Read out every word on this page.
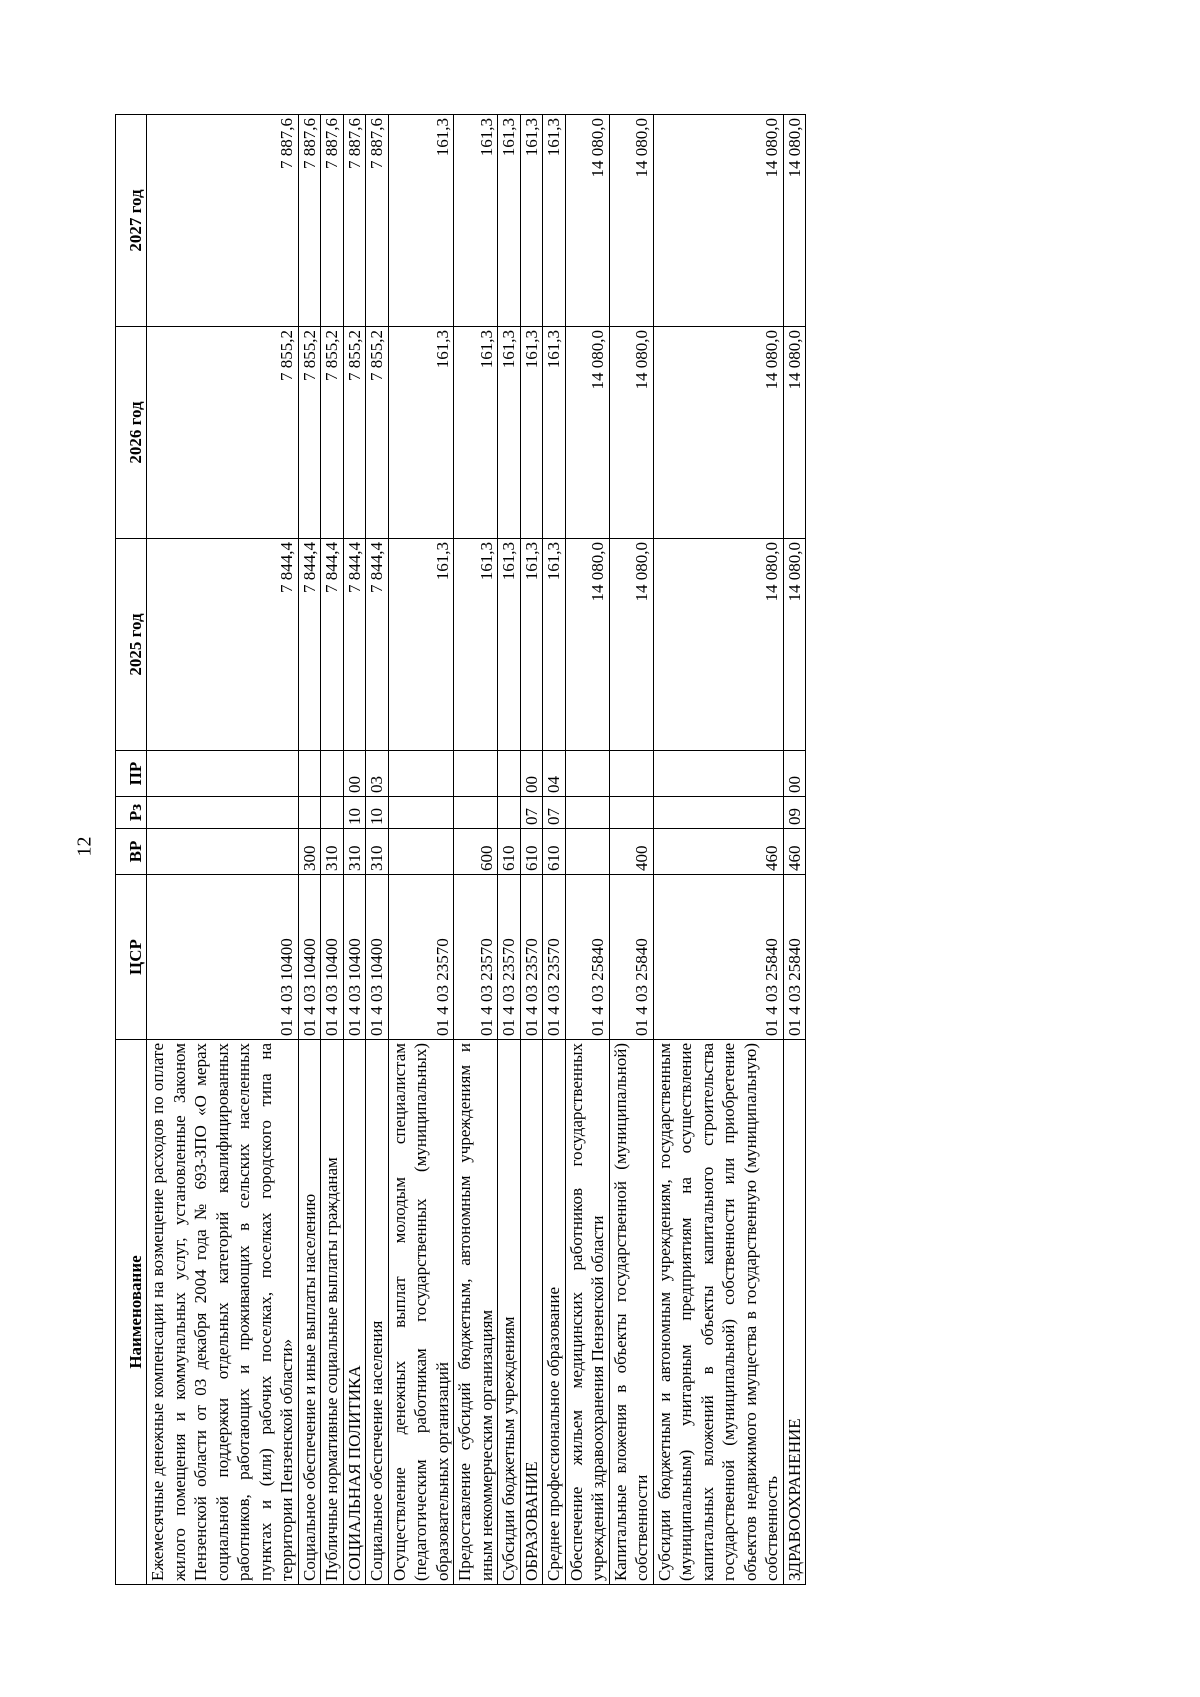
12
Наименование	ЦСР	ВР	Рз	ПР	2025 год	2026 год	2027 год
Ежемесячные денежные компенсации на возмещение расходов по оплате жилого помещения и коммунальных услуг, установленные Законом Пензенской области от 03 декабря 2004 года № 693-ЗПО «О мерах социальной поддержки отдельных категорий квалифицированных работников, работающих и проживающих в сельских населенных пунктах и (или) рабочих поселках, поселках городского типа на территории Пензенской области»	01 4 03 10400				7 844,4	7 855,2	7 887,6
Социальное обеспечение и иные выплаты населению	01 4 03 10400	300			7 844,4	7 855,2	7 887,6
Публичные нормативные социальные выплаты гражданам	01 4 03 10400	310			7 844,4	7 855,2	7 887,6
СОЦИАЛЬНАЯ ПОЛИТИКА	01 4 03 10400	310	10	00	7 844,4	7 855,2	7 887,6
Социальное обеспечение населения	01 4 03 10400	310	10	03	7 844,4	7 855,2	7 887,6
Осуществление денежных выплат молодым специалистам (педагогическим работникам государственных (муниципальных) образовательных организаций	01 4 03 23570				161,3	161,3	161,3
Предоставление субсидий бюджетным, автономным учреждениям и иным некоммерческим организациям	01 4 03 23570	600			161,3	161,3	161,3
Субсидии бюджетным учреждениям	01 4 03 23570	610			161,3	161,3	161,3
ОБРАЗОВАНИЕ	01 4 03 23570	610	07	00	161,3	161,3	161,3
Среднее профессиональное образование	01 4 03 23570	610	07	04	161,3	161,3	161,3
Обеспечение жильем медицинских работников государственных учреждений здравоохранения Пензенской области	01 4 03 25840				14 080,0	14 080,0	14 080,0
Капитальные вложения в объекты государственной (муниципальной) собственности	01 4 03 25840	400			14 080,0	14 080,0	14 080,0
Субсидии бюджетным и автономным учреждениям, государственным (муниципальным) унитарным предприятиям на осуществление капитальных вложений в объекты капитального строительства государственной (муниципальной) собственности или приобретение объектов недвижимого имущества в государственную (муниципальную) собственность	01 4 03 25840	460			14 080,0	14 080,0	14 080,0
ЗДРАВООХРАНЕНИЕ	01 4 03 25840	460	09	00	14 080,0	14 080,0	14 080,0
